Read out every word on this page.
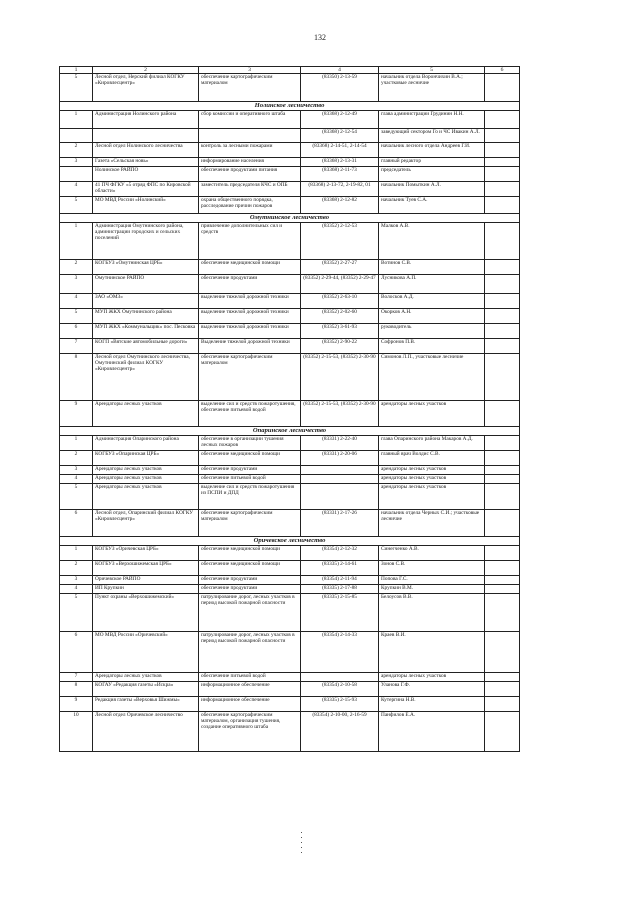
132
1	2	3	4	5	6
5	Лесной отдел, Нерский филиал КОГКУ «Кировлесцентр»	обеспечение картографическим материалом	(83350) 2-13-59	начальник отдела Ворончихин В.А.; участковые лесничие	
Нолинское лесничество					
1	Администрация Нолинского района	сбор комиссии и оперативного штаба	(83368) 2-12-49	глава администрации Грудинин Н.Н.	
			(83368) 2-12-54	заведующий сектором Го и ЧС Ивакин А.Л.	
2	Лесной отдел Нолинского лесничества	контроль за лесными пожарами	(83368) 2-14-51, 2-14-54	начальник лесного отдела Андреев Г.И.	
3	Газета «Сельская новь»	информирование населения	(83368) 2-13-31	главный редактор	
	Нолинское РАЙПО	обеспечение продуктами питания	(83368) 2-11-73	председатель	
4	41 ПЧ ФГКУ «5 отряд ФПС по Кировской области»	заместитель председателя КЧС и ОПБ	(83368) 2-13-72, 2-19-82, 01	начальник Помыткин А.Л.	
5	МО МВД России «Нолинский»	охрана общественного порядка, расследование причин пожаров	(83368) 2-12-82	начальник Туев С.А.	
Омутнинское лесничество					
1	Администрация Омутнинского района, администрации городских и сельских поселений	привлечение дополнительных сил и средств	(83352) 2-12-53	Малков А.В.	
2	КОГБУЗ «Омутнинская ЦРБ»	обеспечение медицинской помощи	(83352) 2-27-27	Вотинов С.В.	
3	Омутнинское РАЙПО	обеспечение продуктами	(83352) 2-29-44, (83352) 2-29-47	Лусникова А.П.	
4	ЗАО «ОМЗ»	выделение тяжелой дорожной техники	(83352) 2-63-10	Волосков А.Д.	
5	МУП ЖКХ Омутнинского района	выделение тяжелой дорожной техники	(83352) 2-02-60	Окорков А.Н.	
6	МУП ЖКХ «Коммунальщик» пос. Песковка	выделение тяжелой дорожной техники	(83352) 3-61-93	руководитель	
7	КОГП «Вятские автомобильные дороги»	Выделение тяжелой дорожной техники	(83352) 2-90-22	Софронов П.В.	
8	Лесной отдел Омутнинского лесничества, Омутнинский филиал КОГКУ «Кировлесцентр»	обеспечение картографическим материалом	(83352) 2-15-53, (83352) 2-30-90	Симонов Л.П., участковые лесничие	
9	Арендаторы лесных участков	выделение сил и средств пожаротушения, обеспечение питьевой водой	(83352) 2-15-53, (83352) 2-30-90	арендаторы лесных участков	
Опаринское лесничество					
1	Администрация Опаринского района	обеспечение в организации тушения лесных пожаров	(83331) 2-22-40	глава Опаринского района Макаров А.Д.	
2	КОГБУЗ «Опаринская ЦРБ»	обеспечение медицинской помощи	(83331) 2-20-06	главный врач Волдис С.В.	
3	Арендаторы лесных участков	обеспечение продуктами		арендаторы лесных участков	
4	Арендаторы лесных участков	обеспечение питьевой водой		арендаторы лесных участков	
5	Арендаторы лесных участков	выделение сил и средств пожаротушения из ПСПИ и ДПД		арендаторы лесных участков	
6	Лесной отдел, Опаринский филиал КОГКУ «Кировлесцентр»	обеспечение картографическим материалом	(83331) 2-17-26	начальник отдела Черных С.И.; участковые лесничие	
Оричевское лесничество					
1	КОГБУЗ «Оричевская ЦРБ»	обеспечение медицинской помощи	(83354) 2-12-32	Синегченко А.В.	
2	КОГБУЗ «Верхошижемская ЦРБ»	обеспечение медицинской помощи	(83335) 2-14-61	Зонов С.В.	
3	Оричевское РАЙПО	обеспечение продуктами	(83354) 2-11-94	Попова Г.С.	
4	ИП Крупкин	обеспечение продуктами	(83335) 2-17-88	Крупкин В.М.	
5	Пункт охраны «Верхошижемский»	патрулирование дорог, лесных участков в период высокой пожарной опасности	(83335) 2-15-85	Белоусов В.В.	
6	МО МВД России «Оричевский»	патрулирование дорог, лесных участков в период высокой пожарной опасности	(83354) 2-14-33	Краев В.И.	
7	Арендаторы лесных участков	обеспечение питьевой водой		арендаторы лесных участков	
8	КОГАУ «Редакция газеты «Искра»	информационное обеспечение	(83354) 2-10-58	Уланова Г.Ф.	
9	Редакция газеты «Верховья Шижмы»	информационное обеспечение	(83335) 2-15-93	Кутергина Н.В.	
10	Лесной отдел Оричевское лесничество	обеспечение картографическим материалом, организация тушения, создание оперативного штаба	(83354) 2-10-00, 2-16-59	Панфилов Е.А.	
